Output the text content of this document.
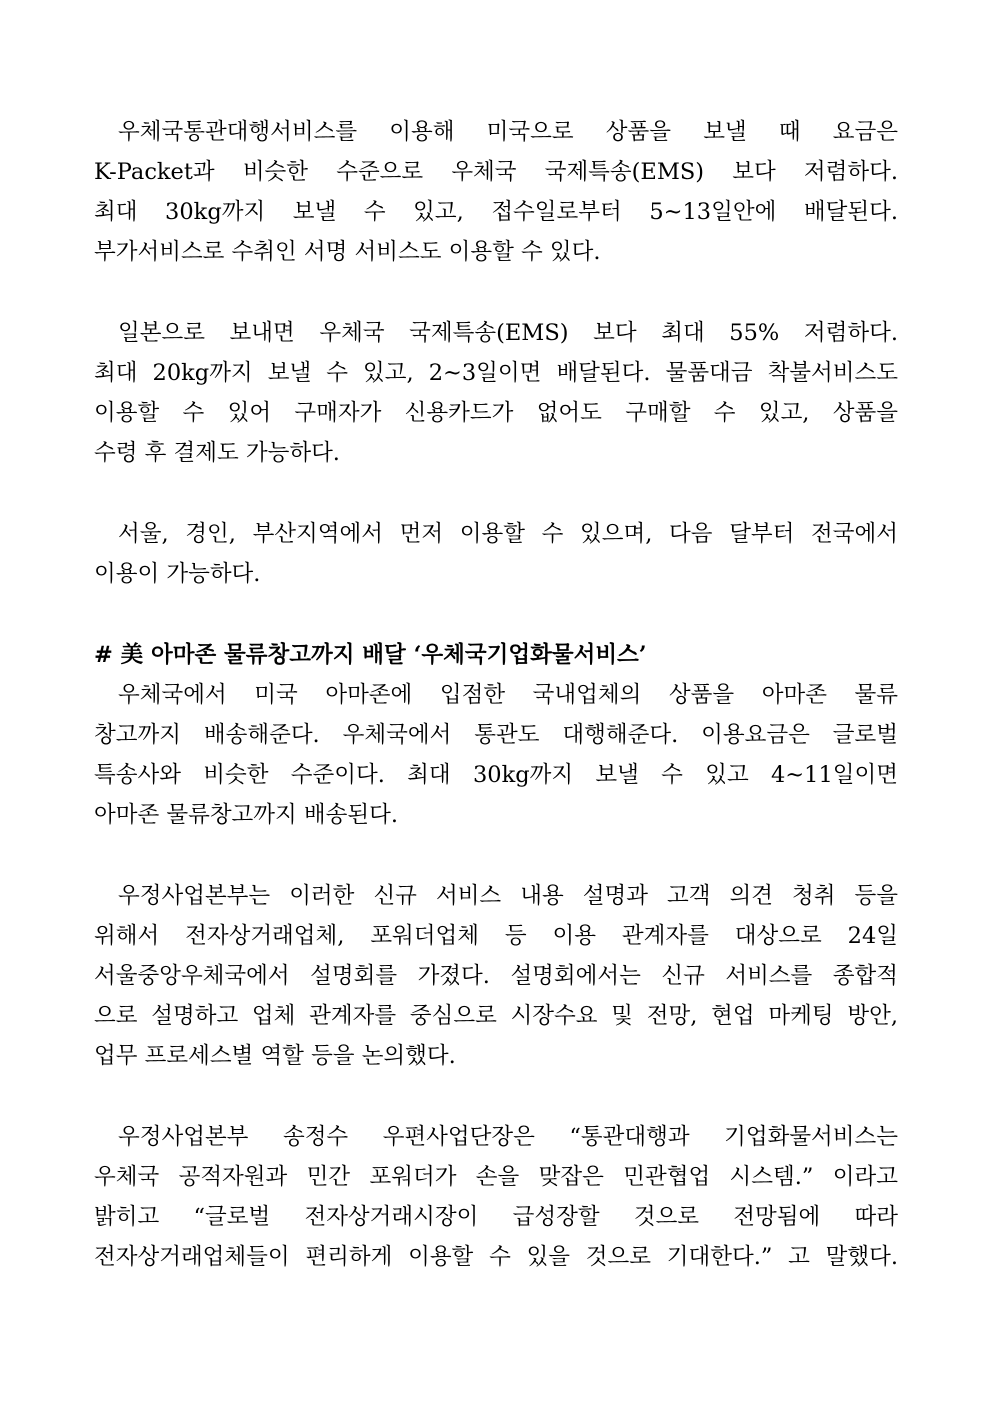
우체국통관대행서비스를 이용해 미국으로 상품을 보낼 때 요금은
K-Packet과 비슷한 수준으로 우체국 국제특송(EMS) 보다 저렴하다.
최대 30kg까지 보낼 수 있고, 접수일로부터 5~13일안에 배달된다.
부가서비스로 수취인 서명 서비스도 이용할 수 있다.
일본으로 보내면 우체국 국제특송(EMS) 보다 최대 55% 저렴하다.
최대 20kg까지 보낼 수 있고, 2~3일이면 배달된다. 물품대금 착불서비스도
이용할 수 있어 구매자가 신용카드가 없어도 구매할 수 있고, 상품을
수령 후 결제도 가능하다.
서울, 경인, 부산지역에서 먼저 이용할 수 있으며, 다음 달부터 전국에서
이용이 가능하다.
# 美 아마존 물류창고까지 배달 ‘우체국기업화물서비스’
우체국에서 미국 아마존에 입점한 국내업체의 상품을 아마존 물류
창고까지 배송해준다. 우체국에서 통관도 대행해준다. 이용요금은 글로벌
특송사와 비슷한 수준이다. 최대 30kg까지 보낼 수 있고 4~11일이면
아마존 물류창고까지 배송된다.
우정사업본부는 이러한 신규 서비스 내용 설명과 고객 의견 청취 등을
위해서 전자상거래업체, 포워더업체 등 이용 관계자를 대상으로 24일
서울중앙우체국에서 설명회를 가졌다. 설명회에서는 신규 서비스를 종합적
으로 설명하고 업체 관계자를 중심으로 시장수요 및 전망, 현업 마케팅 방안,
업무 프로세스별 역할 등을 논의했다.
우정사업본부 송정수 우편사업단장은 “통관대행과 기업화물서비스는
우체국 공적자원과 민간 포워더가 손을 맞잡은 민관협업 시스템.” 이라고
밝히고 “글로벌 전자상거래시장이 급성장할 것으로 전망됨에 따라
전자상거래업체들이 편리하게 이용할 수 있을 것으로 기대한다.” 고 말했다.
